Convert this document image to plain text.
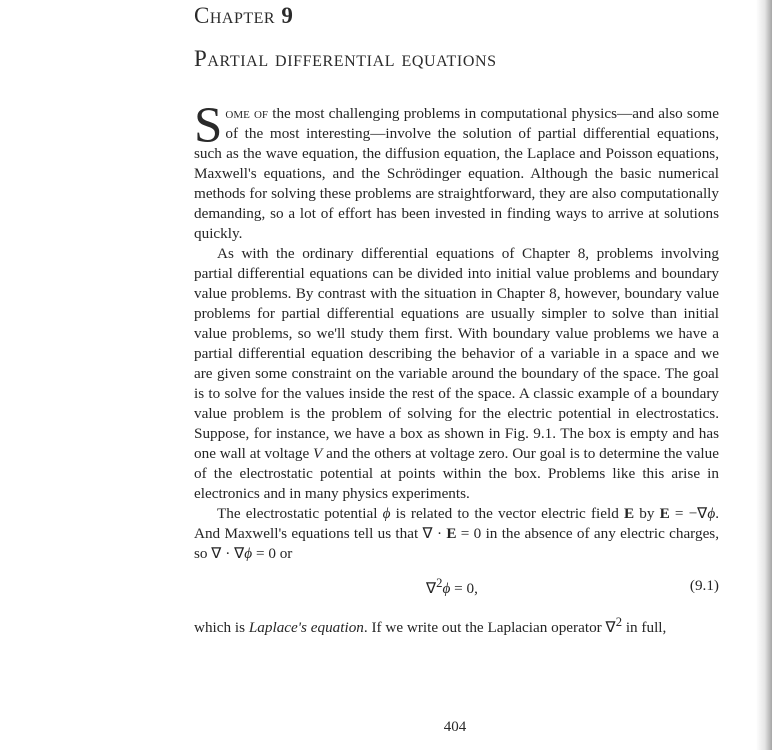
Chapter 9
Partial differential equations

Some of the most challenging problems in computational physics—and also some of the most interesting—involve the solution of partial differential equations, such as the wave equation, the diffusion equation, the Laplace and Poisson equations, Maxwell's equations, and the Schrödinger equation. Although the basic numerical methods for solving these problems are straightforward, they are also computationally demanding, so a lot of effort has been invested in finding ways to arrive at solutions quickly.

As with the ordinary differential equations of Chapter 8, problems involving partial differential equations can be divided into initial value problems and boundary value problems. By contrast with the situation in Chapter 8, however, boundary value problems for partial differential equations are usually simpler to solve than initial value problems, so we'll study them first. With boundary value problems we have a partial differential equation describing the behavior of a variable in a space and we are given some constraint on the variable around the boundary of the space. The goal is to solve for the values inside the rest of the space. A classic example of a boundary value problem is the problem of solving for the electric potential in electrostatics. Suppose, for instance, we have a box as shown in Fig. 9.1. The box is empty and has one wall at voltage V and the others at voltage zero. Our goal is to determine the value of the electrostatic potential at points within the box. Problems like this arise in electronics and in many physics experiments.

The electrostatic potential ϕ is related to the vector electric field E by E = −∇ϕ. And Maxwell's equations tell us that ∇ · E = 0 in the absence of any electric charges, so ∇ · ∇ϕ = 0 or

∇$^2$ϕ = 0,	(9.1)

which is Laplace's equation. If we write out the Laplacian operator ∇$^2$ in full,

404
